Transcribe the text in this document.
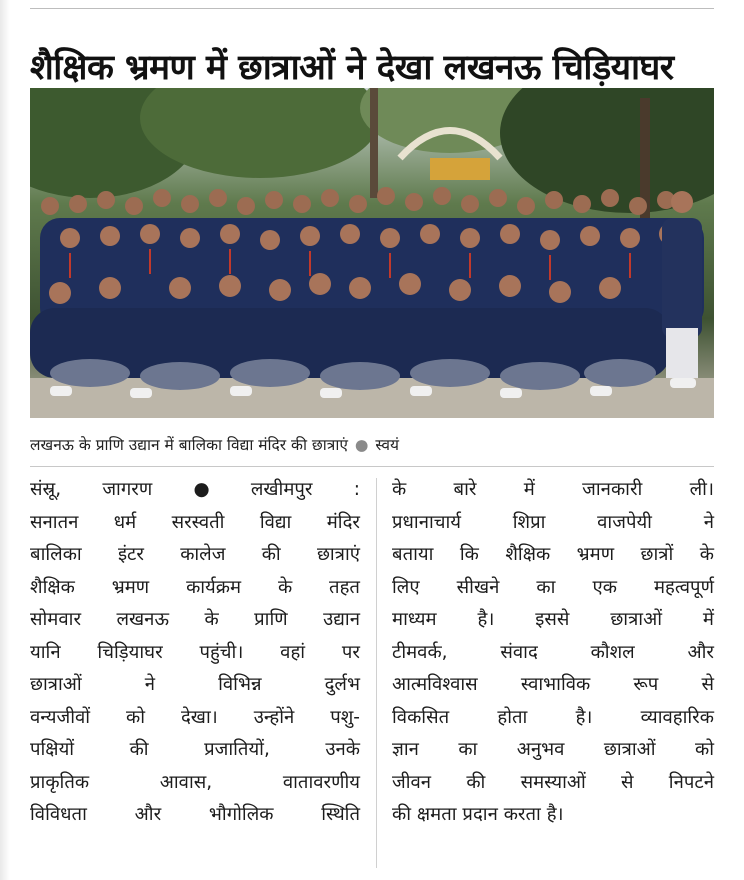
शैक्षिक भ्रमण में छात्राओं ने देखा लखनऊ चिड़ियाघर
लखनऊ के प्राणि उद्यान में बालिका विद्या मंदिर की छात्राएं ● स्वयं
संस्रू, जागरण ● लखीमपुर :
सनातन धर्म सरस्वती विद्या मंदिर
बालिका इंटर कालेज की छात्राएं
शैक्षिक भ्रमण कार्यक्रम के तहत
सोमवार लखनऊ के प्राणि उद्यान
यानि चिड़ियाघर पहुंची। वहां पर
छात्राओं	ने	विभिन्न	दुर्लभ
वन्यजीवों को देखा। उन्होंने पशु-
पक्षियों	की	प्रजातियों,	उनके
प्राकृतिक	आवास,	वातावरणीय
विविधता	और	भौगोलिक	स्थिति
के	बारे	में	जानकारी	ली।
प्रधानाचार्य	शिप्रा	वाजपेयी	ने
बताया कि शैक्षिक भ्रमण छात्रों के
लिए सीखने का एक महत्वपूर्ण
माध्यम है। इससे छात्राओं में
टीमवर्क,	संवाद	कौशल	और
आत्मविश्वास स्वाभाविक रूप से
विकसित	होता	है।	व्यावहारिक
ज्ञान का अनुभव छात्राओं को
जीवन की समस्याओं से निपटने
की क्षमता प्रदान करता है।
